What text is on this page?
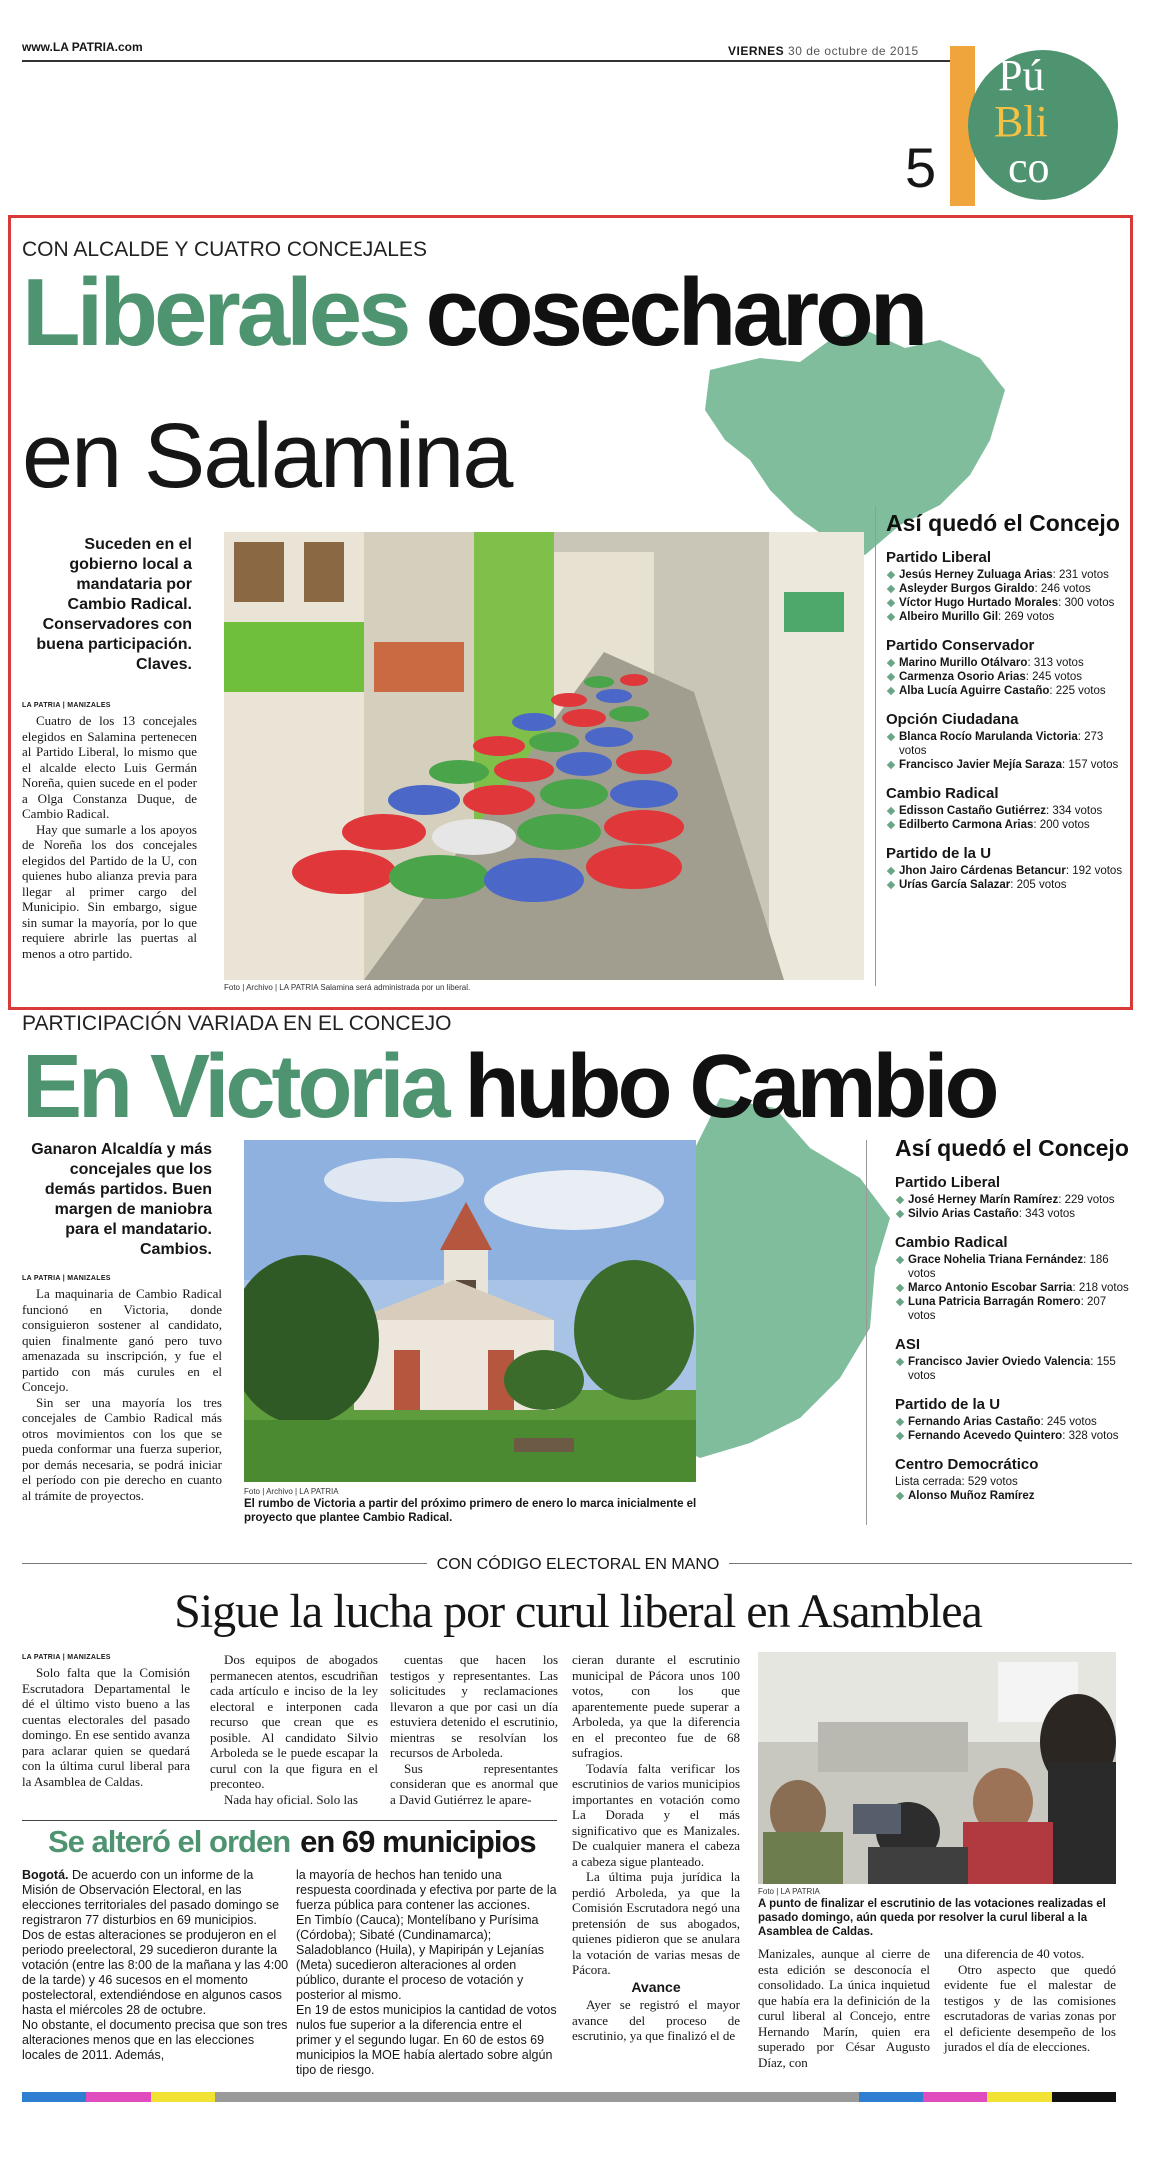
www.LA PATRIA.com	VIERNES 30 de octubre de 2015
5
Pú
Bli
co
CON ALCALDE Y CUATRO CONCEJALES
Liberales cosecharon
en Salamina
Suceden en el gobierno local a mandataria por Cambio Radical. Conservadores con buena participación. Claves.
LA PATRIA | MANIZALES

Cuatro de los 13 concejales elegidos en Salamina pertenecen al Partido Liberal, lo mismo que el alcalde electo Luis Germán Noreña, quien sucede en el poder a Olga Constanza Duque, de Cambio Radical.

Hay que sumarle a los apoyos de Noreña los dos concejales elegidos del Partido de la U, con quienes hubo alianza previa para llegar al primer cargo del Municipio. Sin embargo, sigue sin sumar la mayoría, por lo que requiere abrirle las puertas al menos a otro partido.

Foto | Archivo | LA PATRIA Salamina será administrada por un liberal.
Así quedó el Concejo
Partido Liberal
Jesús Herney Zuluaga Arias: 231 votos
Asleyder Burgos Giraldo: 246 votos
Víctor Hugo Hurtado Morales: 300 votos
Albeiro Murillo Gil: 269 votos
Partido Conservador
Marino Murillo Otálvaro: 313 votos
Carmenza Osorio Arias: 245 votos
Alba Lucía Aguirre Castaño: 225 votos
Opción Ciudadana
Blanca Rocío Marulanda Victoria: 273 votos
Francisco Javier Mejía Saraza: 157 votos
Cambio Radical
Edisson Castaño Gutiérrez: 334 votos
Edilberto Carmona Arias: 200 votos
Partido de la U
Jhon Jairo Cárdenas Betancur: 192 votos
Urías García Salazar: 205 votos
PARTICIPACIÓN VARIADA EN EL CONCEJO
En Victoria hubo Cambio
Ganaron Alcaldía y más concejales que los demás partidos. Buen margen de maniobra para el mandatario. Cambios.
LA PATRIA | MANIZALES

La maquinaria de Cambio Radical funcionó en Victoria, donde consiguieron sostener al candidato, quien finalmente ganó pero tuvo amenazada su inscripción, y fue el partido con más curules en el Concejo.

Sin ser una mayoría los tres concejales de Cambio Radical más otros movimientos con los que se pueda conformar una fuerza superior, por demás necesaria, se podrá iniciar el período con pie derecho en cuanto al trámite de proyectos.	Foto | Archivo | LA PATRIA
El rumbo de Victoria a partir del próximo primero de enero lo marca inicialmente el proyecto que plantee Cambio Radical.
Así quedó el Concejo
Partido Liberal
José Herney Marín Ramírez: 229 votos
Silvio Arias Castaño: 343 votos
Cambio Radical
Grace Nohelia Triana Fernández: 186 votos
Marco Antonio Escobar Sarria: 218 votos
Luna Patricia Barragán Romero: 207 votos
ASI
Francisco Javier Oviedo Valencia: 155 votos
Partido de la U
Fernando Arias Castaño: 245 votos
Fernando Acevedo Quintero: 328 votos
Centro Democrático
Lista cerrada: 529 votos
Alonso Muñoz Ramírez
CON CÓDIGO ELECTORAL EN MANO
Sigue la lucha por curul liberal en Asamblea
LA PATRIA | MANIZALES

Solo falta que la Comisión Escrutadora Departamental le dé el último visto bueno a las cuentas electorales del pasado domingo. En ese sentido avanza para aclarar quien se quedará con la última curul liberal para la Asamblea de Caldas.

Dos equipos de abogados permanecen atentos, escudriñan cada artículo e inciso de la ley electoral e interponen cada recurso que crean que es posible. Al candidato Silvio Arboleda se le puede escapar la curul con la que figura en el preconteo.

Nada hay oficial. Solo las

cuentas que hacen los testigos y representantes. Las solicitudes y reclamaciones llevaron a que por casi un día estuviera detenido el escrutinio, mientras se resolvían los recursos de Arboleda.

Sus representantes consideran que es anormal que a David Gutiérrez le apare-

cieran durante el escrutinio municipal de Pácora unos 100 votos, con los que aparentemente puede superar a Arboleda, ya que la diferencia en el preconteo fue de 68 sufragios.

Todavía falta verificar los escrutinios de varios municipios importantes en votación como La Dorada y el más significativo que es Manizales. De cualquier manera el cabeza a cabeza sigue planteado.

La última puja jurídica la perdió Arboleda, ya que la Comisión Escrutadora negó una pretensión de sus abogados, quienes pidieron que se anulara la votación de varias mesas de Pácora.

Avance

Ayer se registró el mayor avance del proceso de escrutinio, ya que finalizó el de

Se alteró el orden en 69 municipios
Bogotá. De acuerdo con un informe de la Misión de Observación Electoral, en las elecciones territoriales del pasado domingo se registraron 77 disturbios en 69 municipios.
Dos de estas alteraciones se produjeron en el periodo preelectoral, 29 sucedieron durante la votación (entre las 8:00 de la mañana y las 4:00 de la tarde) y 46 sucesos en el momento postelectoral, extendiéndose en algunos casos hasta el miércoles 28 de octubre.
No obstante, el documento precisa que son tres alteraciones menos que en las elecciones locales de 2011. Además,
la mayoría de hechos han tenido una respuesta coordinada y efectiva por parte de la fuerza pública para contener las acciones.
En Timbío (Cauca); Montelíbano y Purísima (Córdoba); Sibaté (Cundinamarca); Saladoblanco (Huila), y Mapiripán y Lejanías (Meta) sucedieron alteraciones al orden público, durante el proceso de votación y posterior al mismo.
En 19 de estos municipios la cantidad de votos nulos fue superior a la diferencia entre el primer y el segundo lugar. En 60 de estos 69 municipios la MOE había alertado sobre algún tipo de riesgo.
Foto | LA PATRIA
A punto de finalizar el escrutinio de las votaciones realizadas el pasado domingo, aún queda por resolver la curul liberal a la Asamblea de Caldas.

Manizales, aunque al cierre de esta edición se desconocía el consolidado. La única inquietud que había era la definición de la curul liberal al Concejo, entre Hernando Marín, quien era superado por César Augusto Díaz, con

una diferencia de 40 votos.

Otro aspecto que quedó evidente fue el malestar de testigos y de las comisiones escrutadoras de varias zonas por el deficiente desempeño de los jurados el día de elecciones.
